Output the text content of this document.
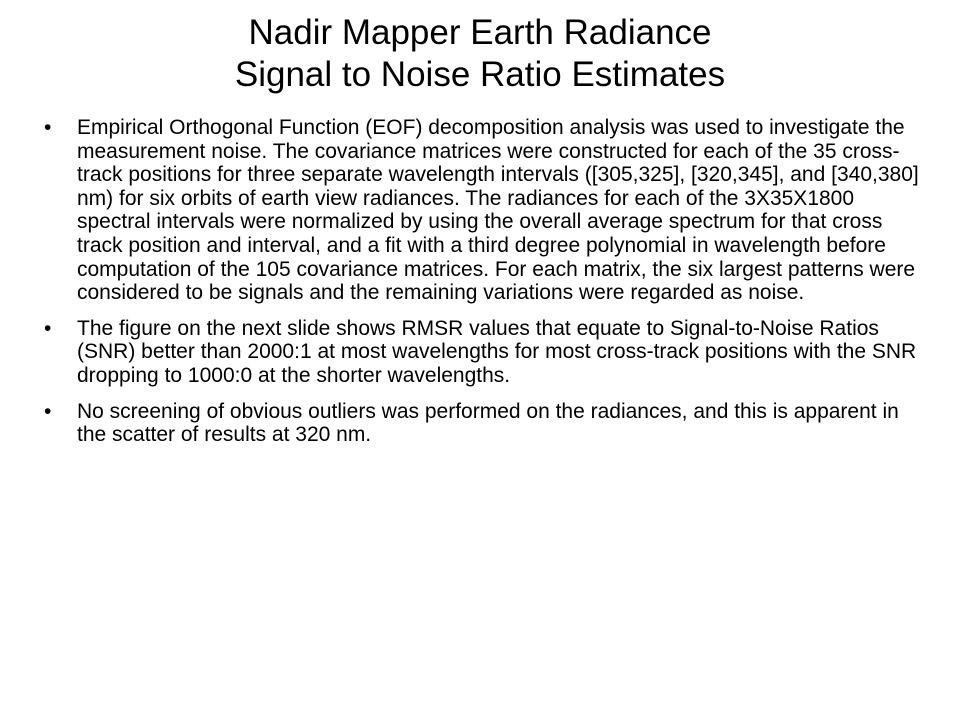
Nadir Mapper Earth Radiance
Signal to Noise Ratio Estimates
• Empirical Orthogonal Function (EOF) decomposition analysis was used to investigate the measurement noise. The covariance matrices were constructed for each of the 35 cross-track positions for three separate wavelength intervals ([305,325], [320,345], and [340,380] nm) for six orbits of earth view radiances. The radiances for each of the 3X35X1800 spectral intervals were normalized by using the overall average spectrum for that cross track position and interval, and a fit with a third degree polynomial in wavelength before computation of the 105 covariance matrices. For each matrix, the six largest patterns were considered to be signals and the remaining variations were regarded as noise.
• The figure on the next slide shows RMSR values that equate to Signal-to-Noise Ratios (SNR) better than 2000:1 at most wavelengths for most cross-track positions with the SNR dropping to 1000:0 at the shorter wavelengths.
• No screening of obvious outliers was performed on the radiances, and this is apparent in the scatter of results at 320 nm.
